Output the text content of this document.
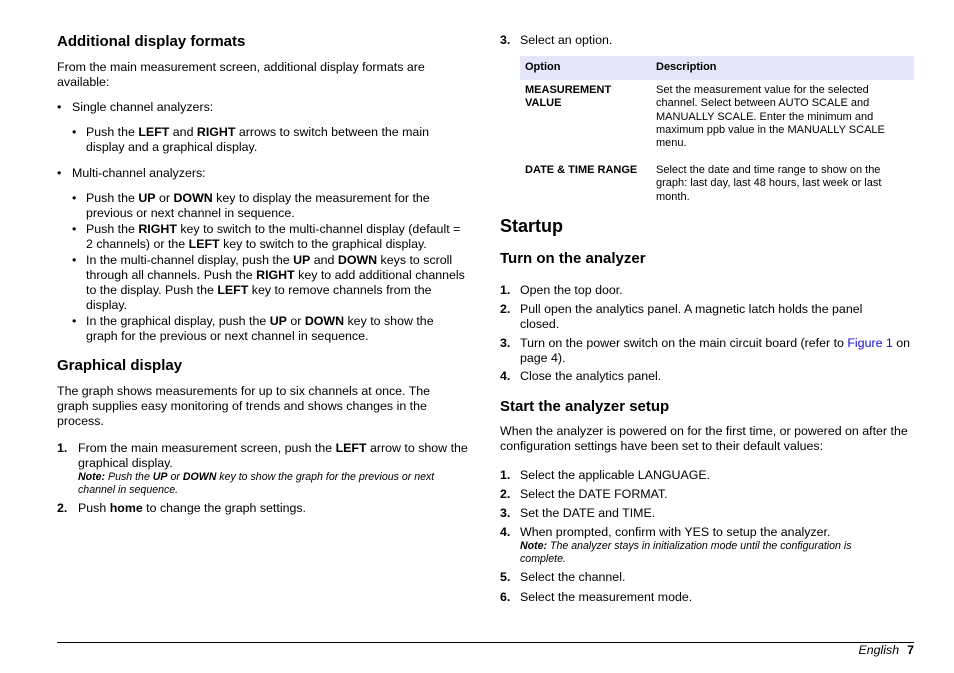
Additional display formats

From the main measurement screen, additional display formats are available:

• Single channel analyzers:
• Push the LEFT and RIGHT arrows to switch between the main display and a graphical display.
• Multi-channel analyzers:
• Push the UP or DOWN key to display the measurement for the previous or next channel in sequence.
• Push the RIGHT key to switch to the multi-channel display (default = 2 channels) or the LEFT key to switch to the graphical display.
• In the multi-channel display, push the UP and DOWN keys to scroll through all channels. Push the RIGHT key to add additional channels to the display. Push the LEFT key to remove channels from the display.
• In the graphical display, push the UP or DOWN key to show the graph for the previous or next channel in sequence.
Graphical display

The graph shows measurements for up to six channels at once. The graph supplies easy monitoring of trends and shows changes in the process.

1. From the main measurement screen, push the LEFT arrow to show the graphical display.
Note: Push the UP or DOWN key to show the graph for the previous or next channel in sequence.
2. Push home to change the graph settings.
3. Select an option.
Option	Description
MEASUREMENT VALUE	Set the measurement value for the selected channel. Select between AUTO SCALE and MANUALLY SCALE. Enter the minimum and maximum ppb value in the MANUALLY SCALE menu.
DATE & TIME RANGE	Select the date and time range to show on the graph: last day, last 48 hours, last week or last month.
Startup
Turn on the analyzer
1. Open the top door.
2. Pull open the analytics panel. A magnetic latch holds the panel closed.
3. Turn on the power switch on the main circuit board (refer to Figure 1 on page 4).
4. Close the analytics panel.
Start the analyzer setup

When the analyzer is powered on for the first time, or powered on after the configuration settings have been set to their default values:

1. Select the applicable LANGUAGE.
2. Select the DATE FORMAT.
3. Set the DATE and TIME.
4. When prompted, confirm with YES to setup the analyzer.
Note: The analyzer stays in initialization mode until the configuration is complete.
5. Select the channel.
6. Select the measurement mode.
English 7
